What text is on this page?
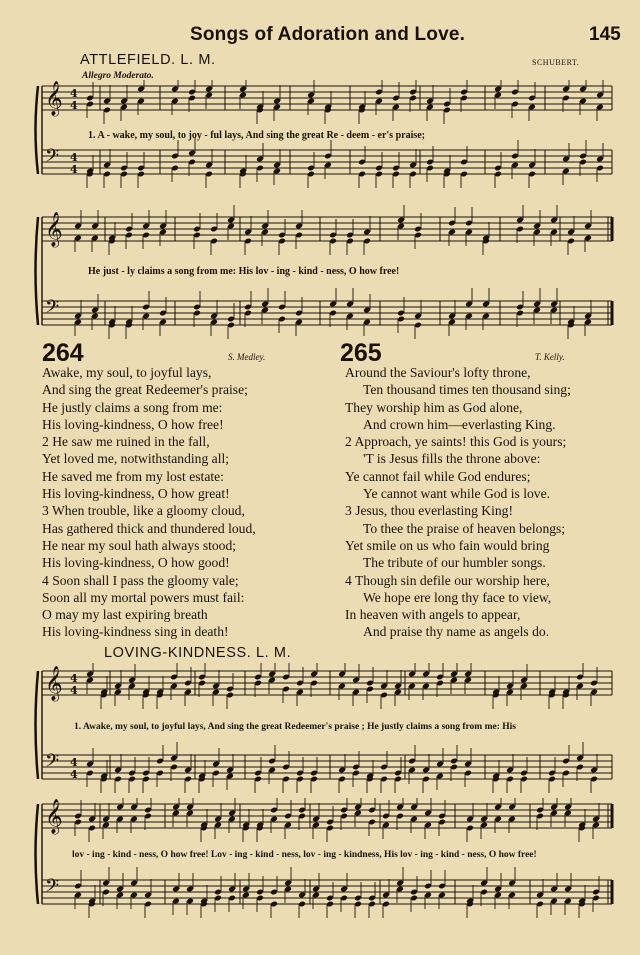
Songs of Adoration and Love.	145
ATTLEFIELD. L. M.	SCHUBERT.
Allegro Moderato.
𝄞 4
4
𝄢 4
4
1. A - wake, my soul, to joy - ful lays, And sing the great Re - deem - er's praise;
𝄞
𝄢
He just - ly claims a song from me: His lov - ing - kind - ness, O how free!
264	S. Medley.
Awake, my soul, to joyful lays,
And sing the great Redeemer's praise;
He justly claims a song from me:
His loving-kindness, O how free!
2 He saw me ruined in the fall,
Yet loved me, notwithstanding all;
He saved me from my lost estate:
His loving-kindness, O how great!
3 When trouble, like a gloomy cloud,
Has gathered thick and thundered loud,
He near my soul hath always stood;
His loving-kindness, O how good!
4 Soon shall I pass the gloomy vale;
Soon all my mortal powers must fail:
O may my last expiring breath
His loving-kindness sing in death!
265	T. Kelly.
Around the Saviour's lofty throne,
Ten thousand times ten thousand sing;
They worship him as God alone,
And crown him—everlasting King.
2 Approach, ye saints! this God is yours;
'T is Jesus fills the throne above:
Ye cannot fail while God endures;
Ye cannot want while God is love.
3 Jesus, thou everlasting King!
To thee the praise of heaven belongs;
Yet smile on us who fain would bring
The tribute of our humbler songs.
4 Though sin defile our worship here,
We hope ere long thy face to view,
In heaven with angels to appear,
And praise thy name as angels do.
LOVING-KINDNESS. L. M.
𝄞 4
4
𝄢 4
4
1. Awake, my soul, to joyful lays, And sing the great Redeemer's praise ; He justly claims a song from me: His
𝄞
𝄢
lov - ing - kind - ness, O how free! Lov - ing - kind - ness, lov - ing - kindness, His lov - ing - kind - ness, O how free!
